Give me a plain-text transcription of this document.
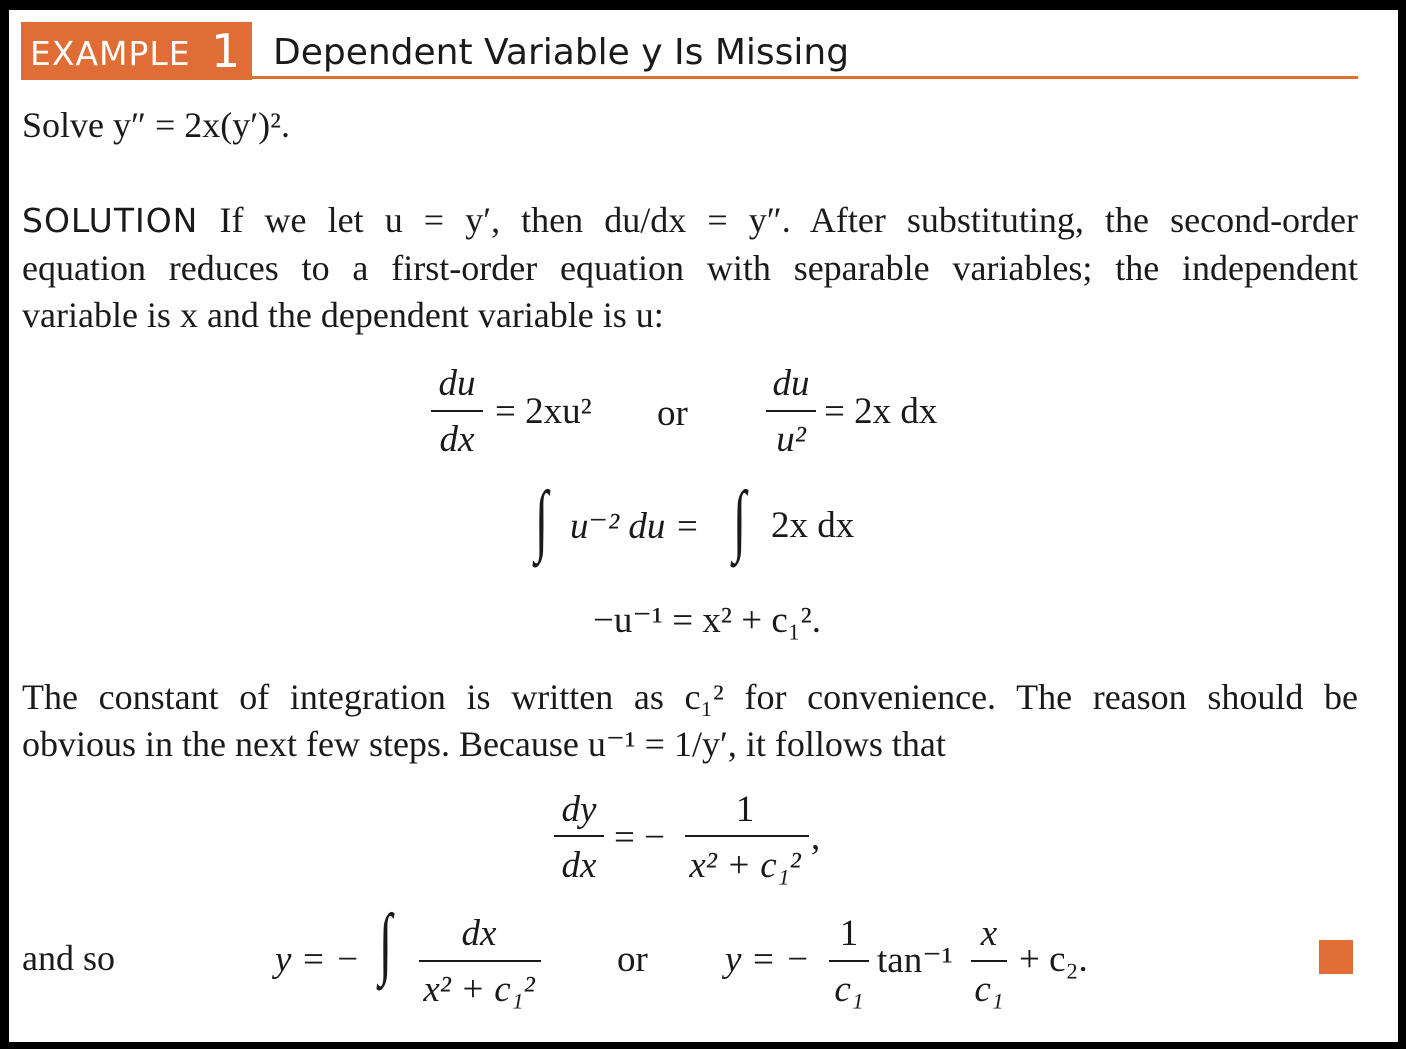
EXAMPLE 1 Dependent Variable y Is Missing
Solve y″ = 2x(y′)².
SOLUTION If we let u = y′, then du/dx = y″. After substituting, the second-order
equation reduces to a first-order equation with separable variables; the independent
variable is x and the dependent variable is u:
du
dx
= 2xu² or
du
u²
= 2x dx
∫ u⁻² du = ∫ 2x dx
−u⁻¹ = x² + c₁².
The constant of integration is written as c₁² for convenience. The reason should be
obvious in the next few steps. Because u⁻¹ = 1/y′, it follows that
dy
dx
= −
1
x² + c₁²
,
and so	y = − ∫	dx
x² + c₁²
or y = −
1
c₁
tan⁻¹
x
c₁
+ c₂.
